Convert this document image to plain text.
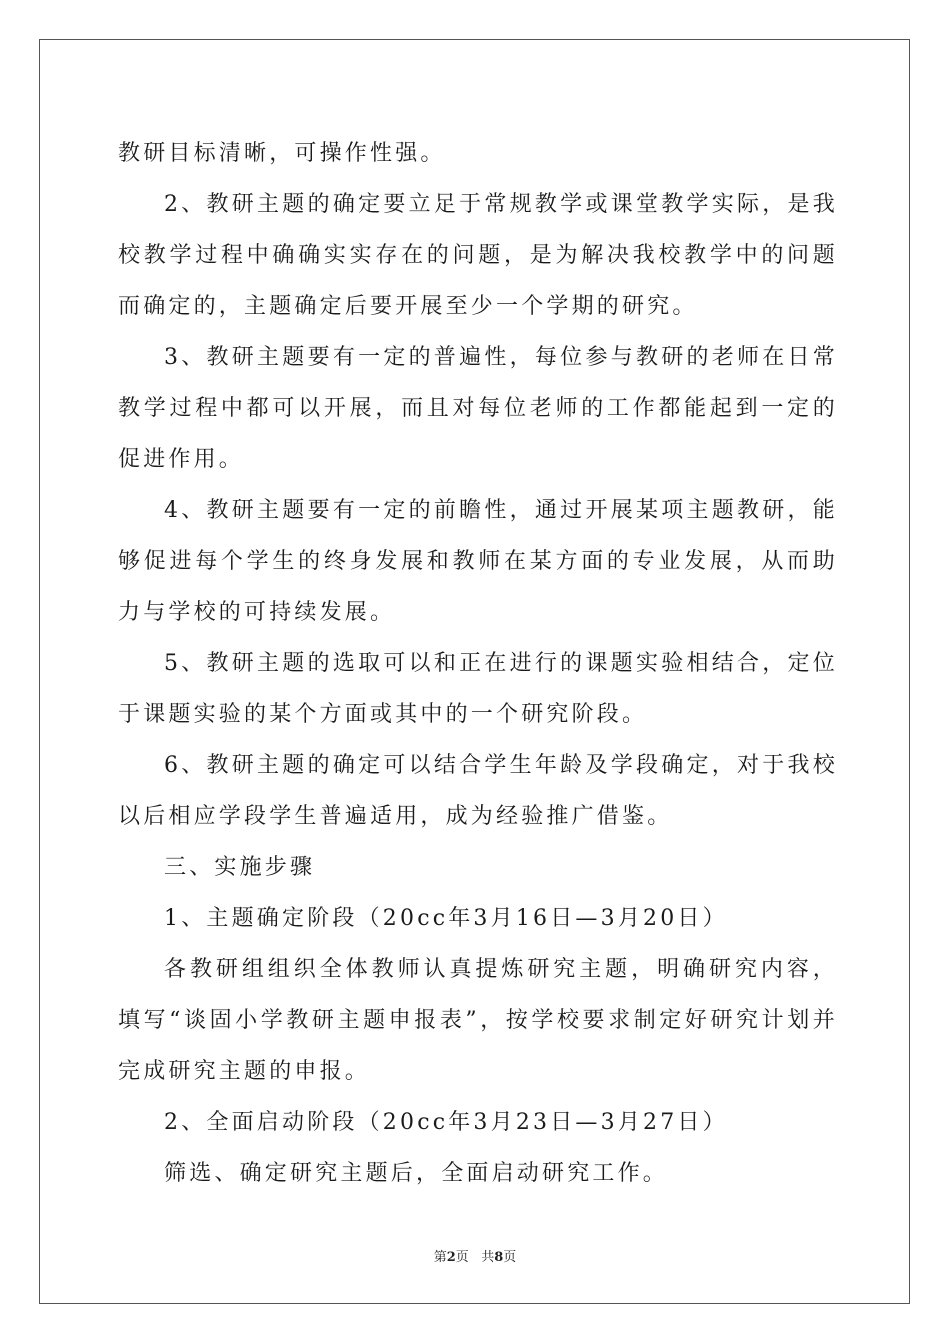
教研目标清晰，可操作性强。

2、教研主题的确定要立足于常规教学或课堂教学实际，是我校教学过程中确确实实存在的问题，是为解决我校教学中的问题而确定的，主题确定后要开展至少一个学期的研究。

3、教研主题要有一定的普遍性，每位参与教研的老师在日常教学过程中都可以开展，而且对每位老师的工作都能起到一定的促进作用。

4、教研主题要有一定的前瞻性，通过开展某项主题教研，能够促进每个学生的终身发展和教师在某方面的专业发展，从而助力与学校的可持续发展。

5、教研主题的选取可以和正在进行的课题实验相结合，定位于课题实验的某个方面或其中的一个研究阶段。

6、教研主题的确定可以结合学生年龄及学段确定，对于我校以后相应学段学生普遍适用，成为经验推广借鉴。

三、实施步骤

1、主题确定阶段（20cc年3月16日—3月20日）

各教研组组织全体教师认真提炼研究主题，明确研究内容，填写“谈固小学教研主题申报表”，按学校要求制定好研究计划并完成研究主题的申报。

2、全面启动阶段（20cc年3月23日—3月27日）

筛选、确定研究主题后，全面启动研究工作。

第2页   共8页
